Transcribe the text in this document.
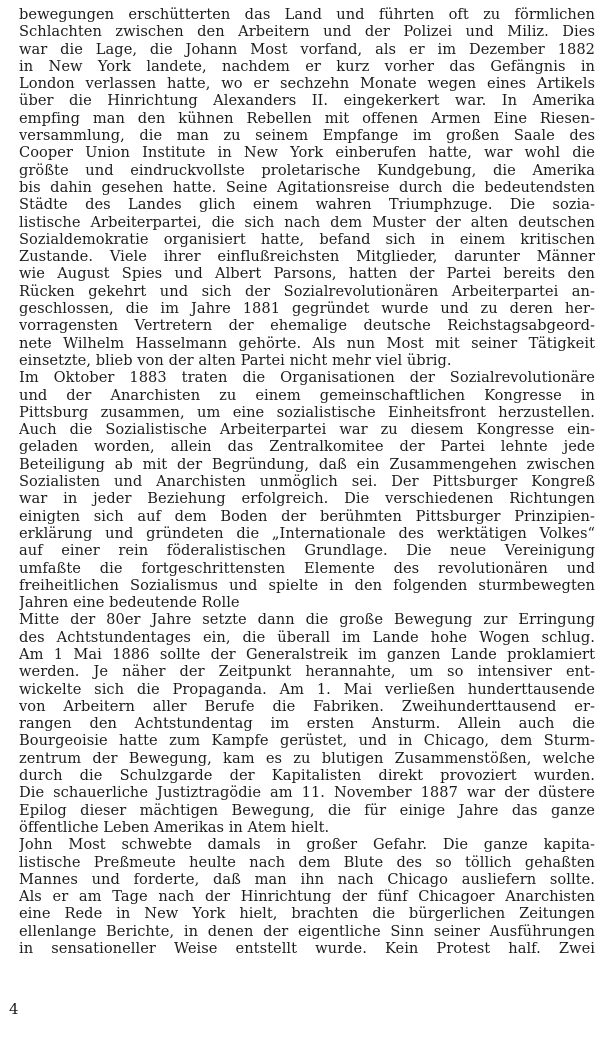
bewegungen erschütterten das Land und führten oft zu förmlichen
Schlachten zwischen den Arbeitern und der Polizei und Miliz. Dies
war die Lage, die Johann Most vorfand, als er im Dezember 1882
in New York landete, nachdem er kurz vorher das Gefängnis in
London verlassen hatte, wo er sechzehn Monate wegen eines Artikels
über die Hinrichtung Alexanders II. eingekerkert war. In Amerika
empfing man den kühnen Rebellen mit offenen Armen Eine Riesen-
versammlung, die man zu seinem Empfange im großen Saale des
Cooper Union Institute in New York einberufen hatte, war wohl die
größte und eindruckvollste proletarische Kundgebung, die Amerika
bis dahin gesehen hatte. Seine Agitationsreise durch die bedeutendsten
Städte des Landes glich einem wahren Triumphzuge. Die sozia-
listische Arbeiterpartei, die sich nach dem Muster der alten deutschen
Sozialdemokratie organisiert hatte, befand sich in einem kritischen
Zustande. Viele ihrer einflußreichsten Mitglieder, darunter Männer
wie August Spies und Albert Parsons, hatten der Partei bereits den
Rücken gekehrt und sich der Sozialrevolutionären Arbeiterpartei an-
geschlossen, die im Jahre 1881 gegründet wurde und zu deren her-
vorragensten Vertretern der ehemalige deutsche Reichstagsabgeord-
nete Wilhelm Hasselmann gehörte. Als nun Most mit seiner Tätigkeit
einsetzte, blieb von der alten Partei nicht mehr viel übrig.
Im Oktober 1883 traten die Organisationen der Sozialrevolutionäre
und der Anarchisten zu einem gemeinschaftlichen Kongresse in
Pittsburg zusammen, um eine sozialistische Einheitsfront herzustellen.
Auch die Sozialistische Arbeiterpartei war zu diesem Kongresse ein-
geladen worden, allein das Zentralkomitee der Partei lehnte jede
Beteiligung ab mit der Begründung, daß ein Zusammengehen zwischen
Sozialisten und Anarchisten unmöglich sei. Der Pittsburger Kongreß
war in jeder Beziehung erfolgreich. Die verschiedenen Richtungen
einigten sich auf dem Boden der berühmten Pittsburger Prinzipien-
erklärung und gründeten die „Internationale des werktätigen Volkes“
auf einer rein föderalistischen Grundlage. Die neue Vereinigung
umfaßte die fortgeschrittensten Elemente des revolutionären und
freiheitlichen Sozialismus und spielte in den folgenden sturmbewegten
Jahren eine bedeutende Rolle
Mitte der 80er Jahre setzte dann die große Bewegung zur Erringung
des Achtstundentages ein, die überall im Lande hohe Wogen schlug.
Am 1 Mai 1886 sollte der Generalstreik im ganzen Lande proklamiert
werden. Je näher der Zeitpunkt herannahte, um so intensiver ent-
wickelte sich die Propaganda. Am 1. Mai verließen hunderttausende
von Arbeitern aller Berufe die Fabriken. Zweihunderttausend er-
rangen den Achtstundentag im ersten Ansturm. Allein auch die
Bourgeoisie hatte zum Kampfe gerüstet, und in Chicago, dem Sturm-
zentrum der Bewegung, kam es zu blutigen Zusammenstößen, welche
durch die Schulzgarde der Kapitalisten direkt provoziert wurden.
Die schauerliche Justiztragödie am 11. November 1887 war der düstere
Epilog dieser mächtigen Bewegung, die für einige Jahre das ganze
öffentliche Leben Amerikas in Atem hielt.
John Most schwebte damals in großer Gefahr. Die ganze kapita-
listische Preßmeute heulte nach dem Blute des so töllich gehaßten
Mannes und forderte, daß man ihn nach Chicago ausliefern sollte.
Als er am Tage nach der Hinrichtung der fünf Chicagoer Anarchisten
eine Rede in New York hielt, brachten die bürgerlichen Zeitungen
ellenlange Berichte, in denen der eigentliche Sinn seiner Ausführungen
in sensationeller Weise entstellt wurde. Kein Protest half. Zwei
4
